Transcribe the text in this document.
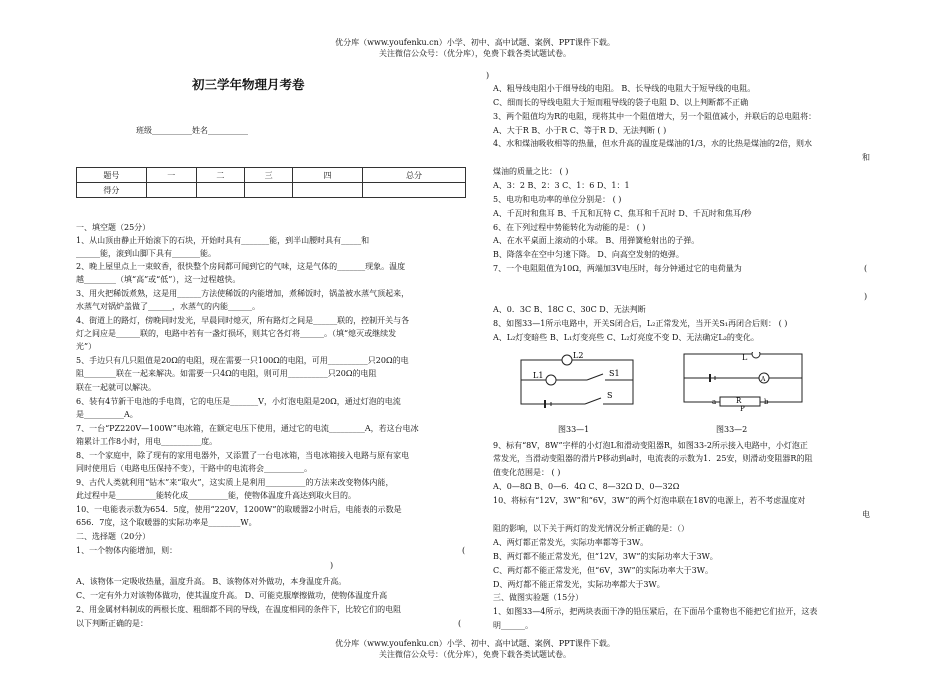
优分库（www.youfenku.cn）小学、初中、高中试题、案例、PPT课件下载。
关注微信公众号：（优分库），免费下载各类试题试卷。
初三学年物理月考卷
班级__________姓名__________
题号	一	二	三	四	总分
得分					
一、填空题（25分）
1、从山顶由静止开始滚下的石块，开始时具有_______能，到半山腰时具有_____和
______能，滚到山脚下具有_______能。
2、晚上屋里点上一束蚊香，很快整个房间都可闻到它的气味，这是气体的_______现象。温度
越________（填“高”或“低”），这一过程越快。
3、用火把稀饭煮熟，这是用______方法使稀饭的内能增加，煮稀饭时，锅盖被水蒸气顶起来，
水蒸气对锅炉盖做了______，水蒸气的内能______。
4、街道上的路灯，傍晚同时发光，早晨同时熄灭，所有路灯之间是______联的，控制开关与各
灯之间应是______联的，电路中若有一盏灯损坏，则其它各灯将______。（填“熄灭或继续发
光”）
5、手边只有几只阻值是20Ω的电阻，现在需要一只100Ω的电阻，可用__________只20Ω的电
阻________联在一起来解决。如需要一只4Ω的电阻，则可用__________只20Ω的电阻
联在一起就可以解决。
6、装有4节新干电池的手电筒，它的电压是_______V，小灯泡电阻是20Ω，通过灯泡的电流
是__________A。
7、一台“PZ220V—100W”电冰箱，在额定电压下使用，通过它的电流_________A，若这台电冰
箱累计工作8小时，用电__________度。
8、一个家庭中，除了现有的家用电器外，又添置了一台电冰箱，当电冰箱接入电路与原有家电
同时使用后（电路电压保持不变），干路中的电流将会__________。
9、古代人类就利用“钻木”来“取火”，这实质上是利用__________的方法来改变物体内能，
此过程中是__________能转化成__________能，使物体温度升高达到取火目的。
10、一电能表示数为654．5度，使用“220V，1200W”的取暖器2小时后，电能表的示数是
656．7度，这个取暖器的实际功率是________W。
二、选择题（20分）
1、一个物体内能增加，则：	(
)
A、该物体一定吸收热量，温度升高。 B、该物体对外做功，本身温度升高。
C、一定有外力对该物体做功，使其温度升高。 D、可能克服摩擦做功，使物体温度升高
2、用金属材料制成的两根长度、粗细都不同的导线，在温度相同的条件下，比较它们的电阻
以下判断正确的是：	(
)
A、粗导线电阻小于细导线的电阻。 B、长导线的电阻大于短导线的电阻。
C、细而长的导线电阻大于短而粗导线的袋子电阻 D、以上判断都不正确
3、两个阻值均为R的电阻，现将其中一个阻值增大，另一个阻值减小，并联后的总电阻将：
A、大于R B、小于R C、等于R D、无法判断 ( )
4、水和煤油吸收相等的热量，但水升高的温度是煤油的1/3，水的比热是煤油的2倍，则水
和
煤油的质量之比： ( )
A、3：2 B、2：3 C、1：6 D、1：1
5、电功和电功率的单位分别是： ( )
A、千瓦时和焦耳 B、千瓦和瓦特 C、焦耳和千瓦时 D、千瓦时和焦耳/秒
6、在下列过程中势能转化为动能的是： ( )
A、在水平桌面上滚动的小球。 B、用弹簧枪射出的子弹。
B、降落伞在空中匀速下降。 D、向高空发射的炮弹。
7、一个电阻阻值为10Ω，两端加3V电压时，每分钟通过它的电荷量为	(
)
A、0．3C B、18C C、30C D、无法判断
8、如图33—1所示电路中，开关S闭合后，L₂正常发光，当开关S₁再闭合后则： ( )
A、L₂灯变暗些 B、L₁灯变亮些 C、L₂灯亮度不变 D、无法确定L₂的变化。
L2
L1	S1
S
L
A
R
a	b
P
图33—1	图33—2
9、标有“8V，8W”字样的小灯泡L和滑动变阻器R，如图33-2所示接入电路中，小灯泡正
常发光，当滑动变阻器的滑片P移动到a时，电流表的示数为1．25安，则滑动变阻器R的阻
值变化范围是： ( )
A、0—8Ω B、0—6．4Ω C、8—32Ω D、0—32Ω
10、将标有“12V，3W”和“6V，3W”的两个灯泡串联在18V的电源上，若不考虑温度对
电
阻的影响，以下关于两灯的发光情况分析正确的是：（）
A、两灯都正常发光，实际功率都等于3W。
B、两灯都不能正常发光，但“12V，3W”的实际功率大于3W。
C、两灯都不能正常发光，但“6V，3W”的实际功率大于3W。
D、两灯都不能正常发光，实际功率都大于3W。
三、做图实验题（15分）
1、如图33—4所示，把两块表面干净的铅压紧后，在下面吊个重物也不能把它们拉开，这表
明______。
优分库（www.youfenku.cn）小学、初中、高中试题、案例、PPT课件下载。
关注微信公众号：（优分库），免费下载各类试题试卷。
